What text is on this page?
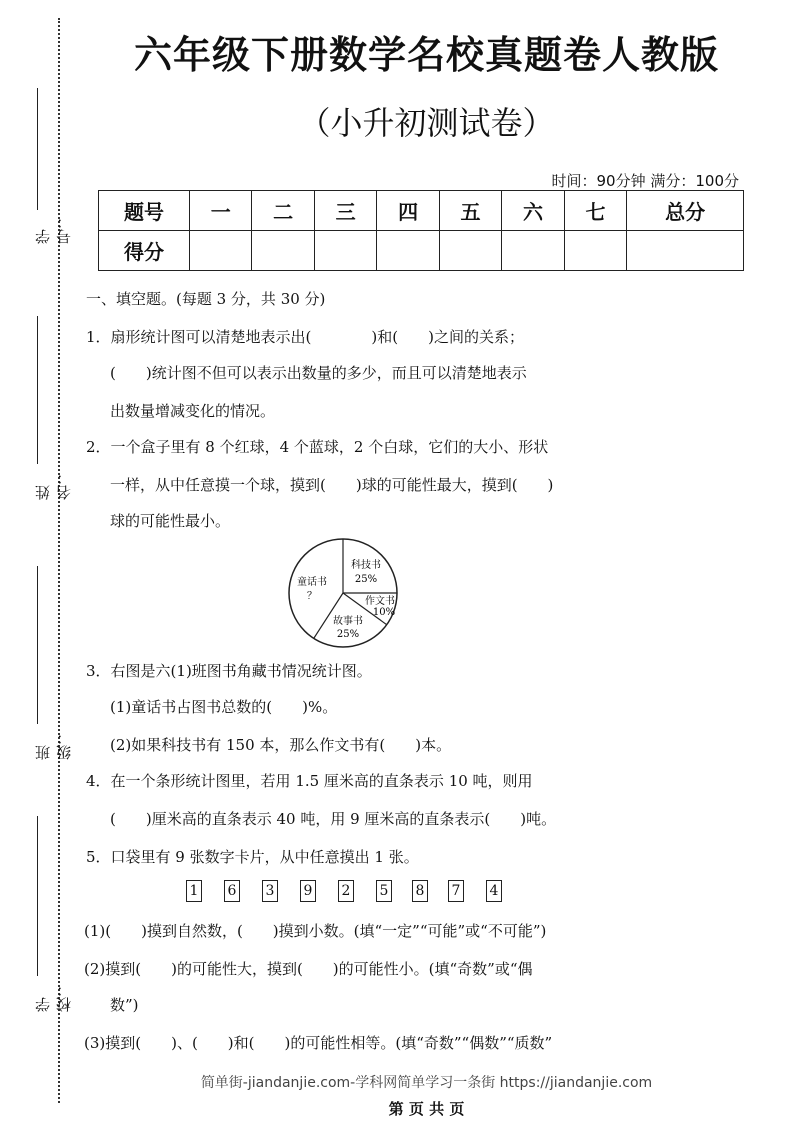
学号：
姓名：
班级：
学校：
六年级下册数学名校真题卷人教版
（小升初测试卷）
时间：90分钟 满分：100分
题号	一	二	三	四	五	六	七	总分
得分								
一、填空题。(每题 3 分，共 30 分)
1．扇形统计图可以清楚地表示出(　　　　)和(　　)之间的关系；
(　　)统计图不但可以表示出数量的多少，而且可以清楚地表示
出数量增减变化的情况。
2．一个盒子里有 8 个红球，4 个蓝球，2 个白球，它们的大小、形状
一样，从中任意摸一个球，摸到(　　)球的可能性最大，摸到(　　)
球的可能性最小。
科技书
25%
作文书
10%
故事书
25%
童话书
？
3．右图是六(1)班图书角藏书情况统计图。
(1)童话书占图书总数的(　　)%。
(2)如果科技书有 150 本，那么作文书有(　　)本。
4．在一个条形统计图里，若用 1.5 厘米高的直条表示 10 吨，则用
(　　)厘米高的直条表示 40 吨，用 9 厘米高的直条表示(　　)吨。
5．口袋里有 9 张数字卡片，从中任意摸出 1 张。
1 6 3 9 2 5 8 7 4
(1)(　　)摸到自然数，(　　)摸到小数。(填“一定”“可能”或“不可能”)
(2)摸到(　　)的可能性大，摸到(　　)的可能性小。(填“奇数”或“偶
数”)
(3)摸到(　　)、(　　)和(　　)的可能性相等。(填“奇数”“偶数”“质数”
简单街-jiandanjie.com-学科网简单学习一条街 https://jiandanjie.com
第 页 共 页
